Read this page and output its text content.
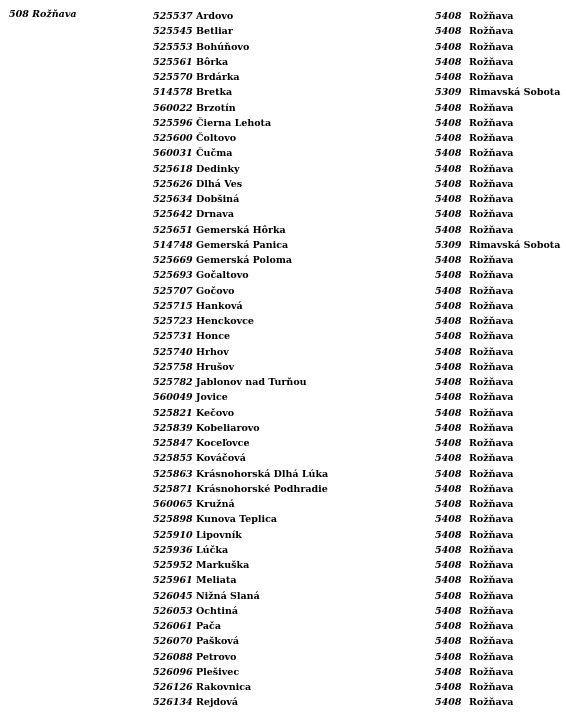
508 Rožňava	525537 Ardovo	5408 Rožňava
525545 Betliar	5408 Rožňava
525553 Bohúňovo	5408 Rožňava
525561 Bôrka	5408 Rožňava
525570 Brdárka	5408 Rožňava
514578 Bretka	5309 Rimavská Sobota
560022 Brzotín	5408 Rožňava
525596 Čierna Lehota	5408 Rožňava
525600 Čoltovo	5408 Rožňava
560031 Čučma	5408 Rožňava
525618 Dedinky	5408 Rožňava
525626 Dlhá Ves	5408 Rožňava
525634 Dobšiná	5408 Rožňava
525642 Drnava	5408 Rožňava
525651 Gemerská Hôrka	5408 Rožňava
514748 Gemerská Panica	5309 Rimavská Sobota
525669 Gemerská Poloma	5408 Rožňava
525693 Gočaltovo	5408 Rožňava
525707 Gočovo	5408 Rožňava
525715 Hanková	5408 Rožňava
525723 Henckovce	5408 Rožňava
525731 Honce	5408 Rožňava
525740 Hrhov	5408 Rožňava
525758 Hrušov	5408 Rožňava
525782 Jablonov nad Turňou	5408 Rožňava
560049 Jovice	5408 Rožňava
525821 Kečovo	5408 Rožňava
525839 Kobeliarovo	5408 Rožňava
525847 Koceľovce	5408 Rožňava
525855 Kováčová	5408 Rožňava
525863 Krásnohorská Dlhá Lúka	5408 Rožňava
525871 Krásnohorské Podhradie	5408 Rožňava
560065 Kružná	5408 Rožňava
525898 Kunova Teplica	5408 Rožňava
525910 Lipovník	5408 Rožňava
525936 Lúčka	5408 Rožňava
525952 Markuška	5408 Rožňava
525961 Meliata	5408 Rožňava
526045 Nižná Slaná	5408 Rožňava
526053 Ochtiná	5408 Rožňava
526061 Pača	5408 Rožňava
526070 Pašková	5408 Rožňava
526088 Petrovo	5408 Rožňava
526096 Plešivec	5408 Rožňava
526126 Rakovnica	5408 Rožňava
526134 Rejdová	5408 Rožňava
